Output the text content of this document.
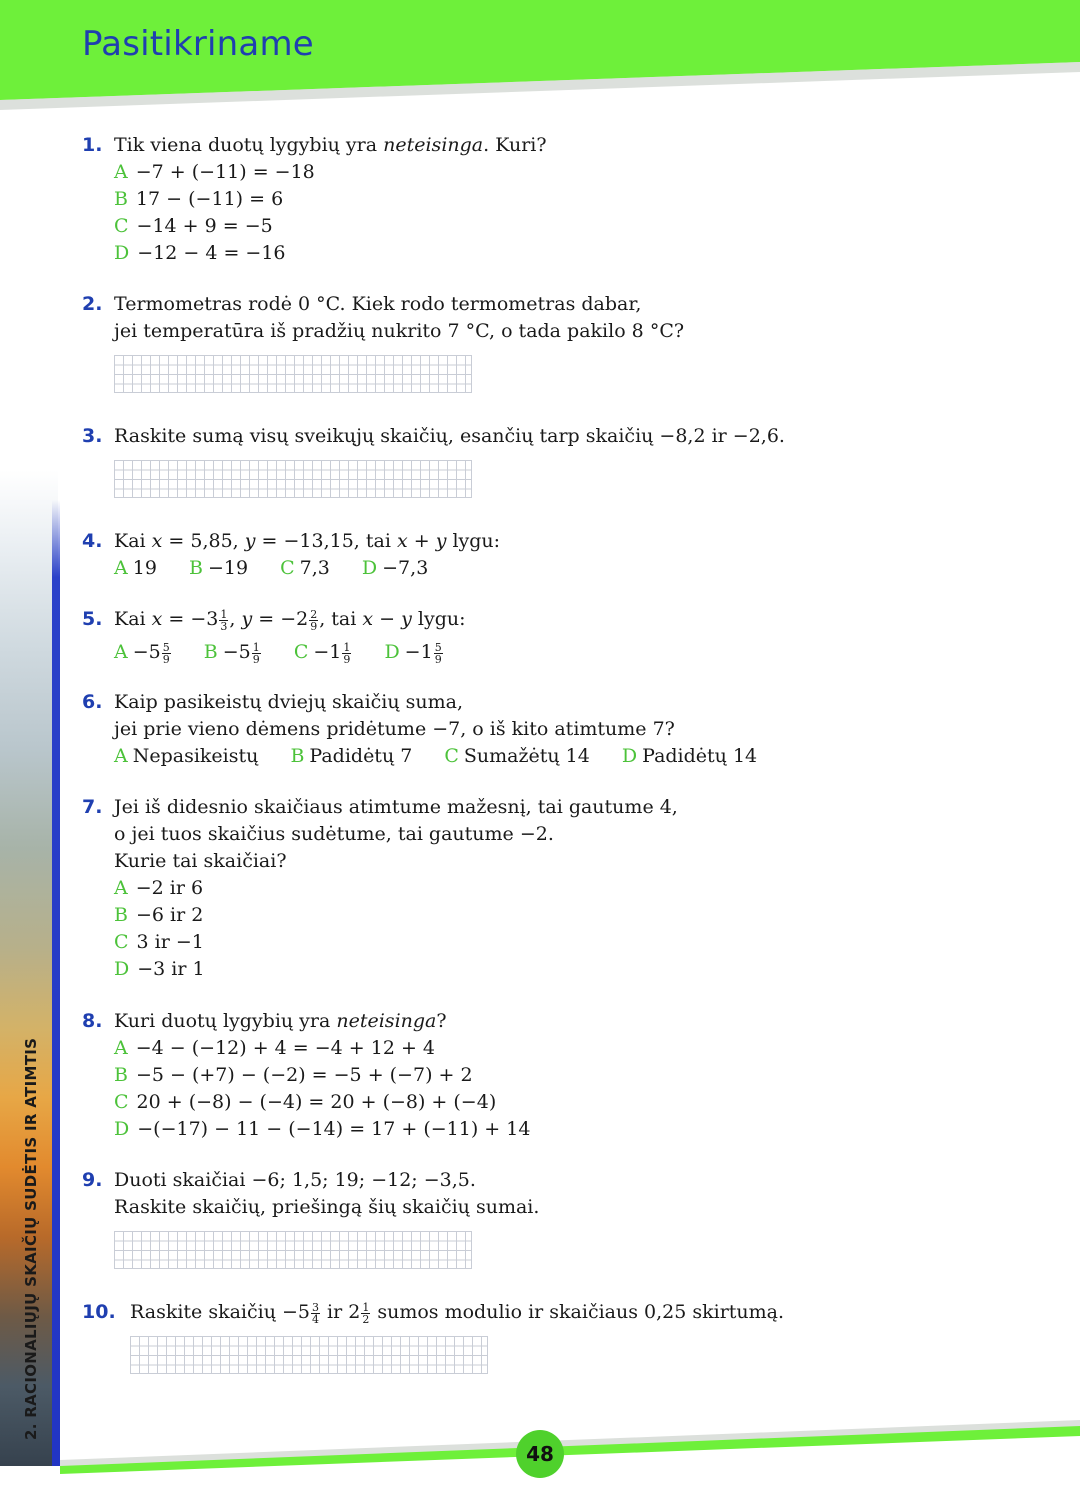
Pasitikriname
2. RACIONALIŲJŲ SKAIČIŲ SUDĖTIS IR ATIMTIS
1. Tik viena duotų lygybių yra neteisinga. Kuri?
A −7 + (−11) = −18
B 17 − (−11) = 6
C −14 + 9 = −5
D −12 − 4 = −16
2. Termometras rodė 0 °C. Kiek rodo termometras dabar,
jei temperatūra iš pradžių nukrito 7 °C, o tada pakilo 8 °C?
3. Raskite sumą visų sveikųjų skaičių, esančių tarp skaičių −8,2 ir −2,6.
4. Kai x = 5,85, y = −13,15, tai x + y lygu:
A 19 B −19 C 7,3 D −7,3
5. Kai $x = -3 \frac{1}{3}$ , $y = -2 \frac{2}{9}$ , tai x − y lygu:
$A -5 \frac{5}{9}$ $B -5 \frac{1}{9}$ $C -1 \frac{1}{9}$ $D -1 \frac{5}{9}$
6. Kaip pasikeistų dviejų skaičių suma,
jei prie vieno dėmens pridėtume −7, o iš kito atimtume 7?
A Nepasikeistų B Padidėtų 7 C Sumažėtų 14 D Padidėtų 14
7. Jei iš didesnio skaičiaus atimtume mažesnį, tai gautume 4,
o jei tuos skaičius sudėtume, tai gautume −2.
Kurie tai skaičiai?
A −2 ir 6
B −6 ir 2
C 3 ir −1
D −3 ir 1
8. Kuri duotų lygybių yra neteisinga?
A −4 − (−12) + 4 = −4 + 12 + 4
B −5 − (+7) − (−2) = −5 + (−7) + 2
C 20 + (−8) − (−4) = 20 + (−8) + (−4)
D −(−17) − 11 − (−14) = 17 + (−11) + 14
9. Duoti skaičiai −6; 1,5; 19; −12; −3,5.
Raskite skaičių, priešingą šių skaičių sumai.
10. Raskite skaičių $-5 \frac{3}{4}$ ir $2 \frac{1}{2}$ sumos modulio ir skaičiaus 0,25 skirtumą.
48
